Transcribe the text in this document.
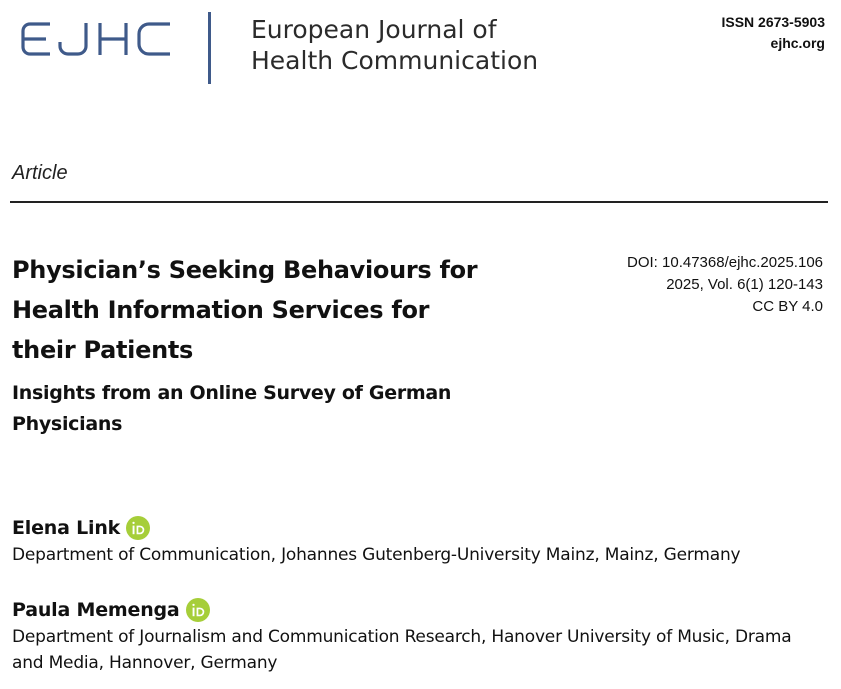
European Journal of
Health Communication
ISSN 2673-5903
ejhc.org
Article
Physician’s Seeking Behaviours for Health Information Services for their Patients
Insights from an Online Survey of German Physicians
DOI: 10.47368/ejhc.2025.106
2025, Vol. 6(1) 120-143
CC BY 4.0
Elena Link
Department of Communication, Johannes Gutenberg-University Mainz, Mainz, Germany
Paula Memenga
Department of Journalism and Communication Research, Hanover University of Music, Drama and Media, Hannover, Germany
